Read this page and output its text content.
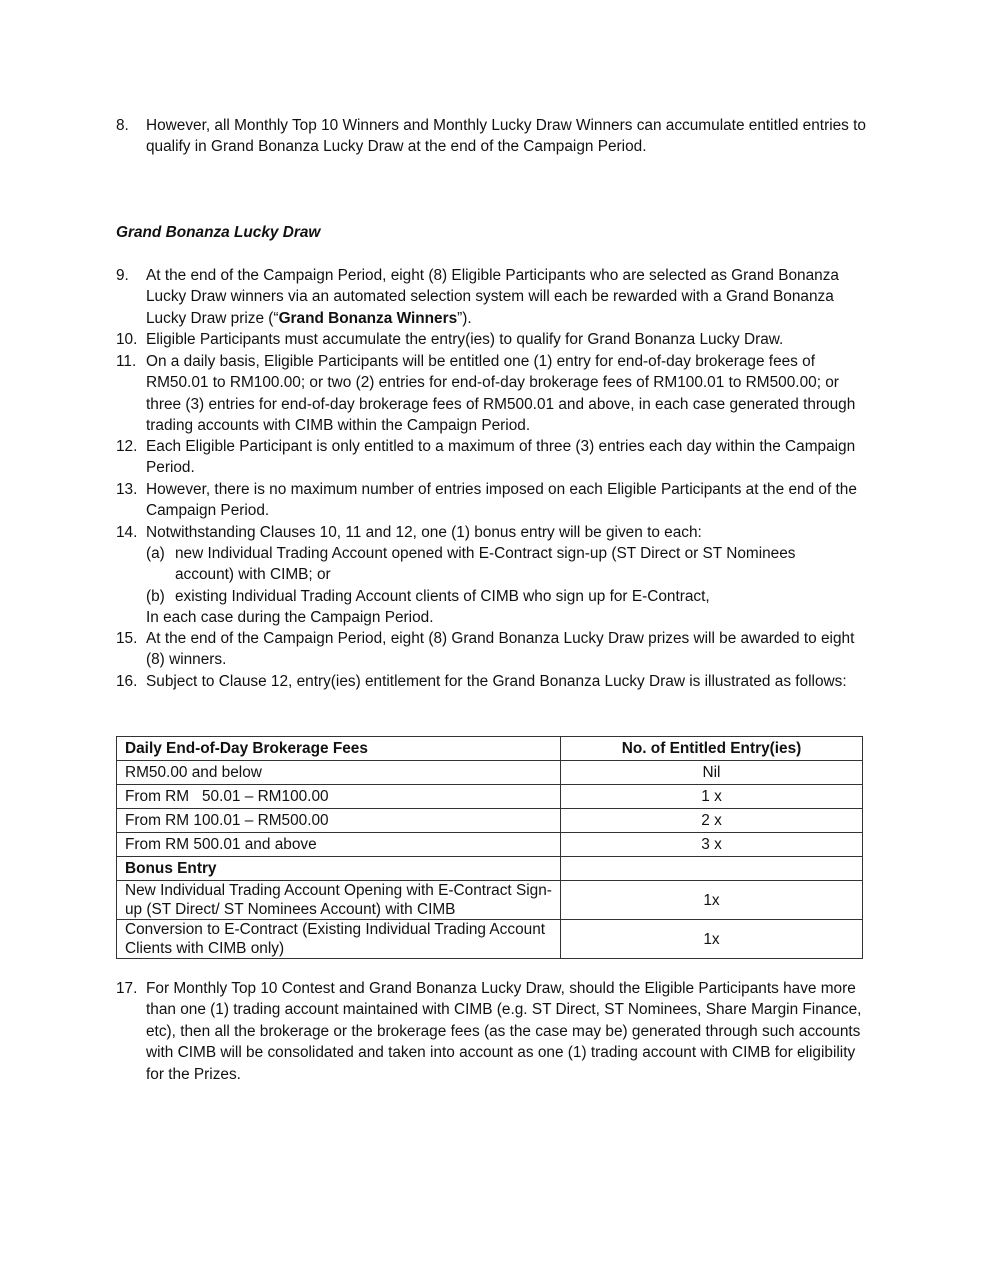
8. However, all Monthly Top 10 Winners and Monthly Lucky Draw Winners can accumulate entitled entries to qualify in Grand Bonanza Lucky Draw at the end of the Campaign Period.
Grand Bonanza Lucky Draw
9. At the end of the Campaign Period, eight (8) Eligible Participants who are selected as Grand Bonanza Lucky Draw winners via an automated selection system will each be rewarded with a Grand Bonanza Lucky Draw prize (“Grand Bonanza Winners”).
10. Eligible Participants must accumulate the entry(ies) to qualify for Grand Bonanza Lucky Draw.
11. On a daily basis, Eligible Participants will be entitled one (1) entry for end-of-day brokerage fees of RM50.01 to RM100.00; or two (2) entries for end-of-day brokerage fees of RM100.01 to RM500.00; or three (3) entries for end-of-day brokerage fees of RM500.01 and above, in each case generated through trading accounts with CIMB within the Campaign Period.
12. Each Eligible Participant is only entitled to a maximum of three (3) entries each day within the Campaign Period.
13. However, there is no maximum number of entries imposed on each Eligible Participants at the end of the Campaign Period.
14. Notwithstanding Clauses 10, 11 and 12, one (1) bonus entry will be given to each:
(a) new Individual Trading Account opened with E-Contract sign-up (ST Direct or ST Nominees account) with CIMB; or
(b) existing Individual Trading Account clients of CIMB who sign up for E-Contract,
In each case during the Campaign Period.
15. At the end of the Campaign Period, eight (8) Grand Bonanza Lucky Draw prizes will be awarded to eight (8) winners.
16. Subject to Clause 12, entry(ies) entitlement for the Grand Bonanza Lucky Draw is illustrated as follows:
Daily End-of-Day Brokerage Fees	No. of Entitled Entry(ies)
RM50.00 and below	Nil
From RM   50.01 – RM100.00	1 x
From RM 100.01 – RM500.00	2 x
From RM 500.01 and above	3 x
Bonus Entry	
New Individual Trading Account Opening with E-Contract Sign-up (ST Direct/ ST Nominees Account) with CIMB	1x
Conversion to E-Contract (Existing Individual Trading Account Clients with CIMB only)	1x
17. For Monthly Top 10 Contest and Grand Bonanza Lucky Draw, should the Eligible Participants have more than one (1) trading account maintained with CIMB (e.g. ST Direct, ST Nominees, Share Margin Finance, etc), then all the brokerage or the brokerage fees (as the case may be) generated through such accounts with CIMB will be consolidated and taken into account as one (1) trading account with CIMB for eligibility for the Prizes.
